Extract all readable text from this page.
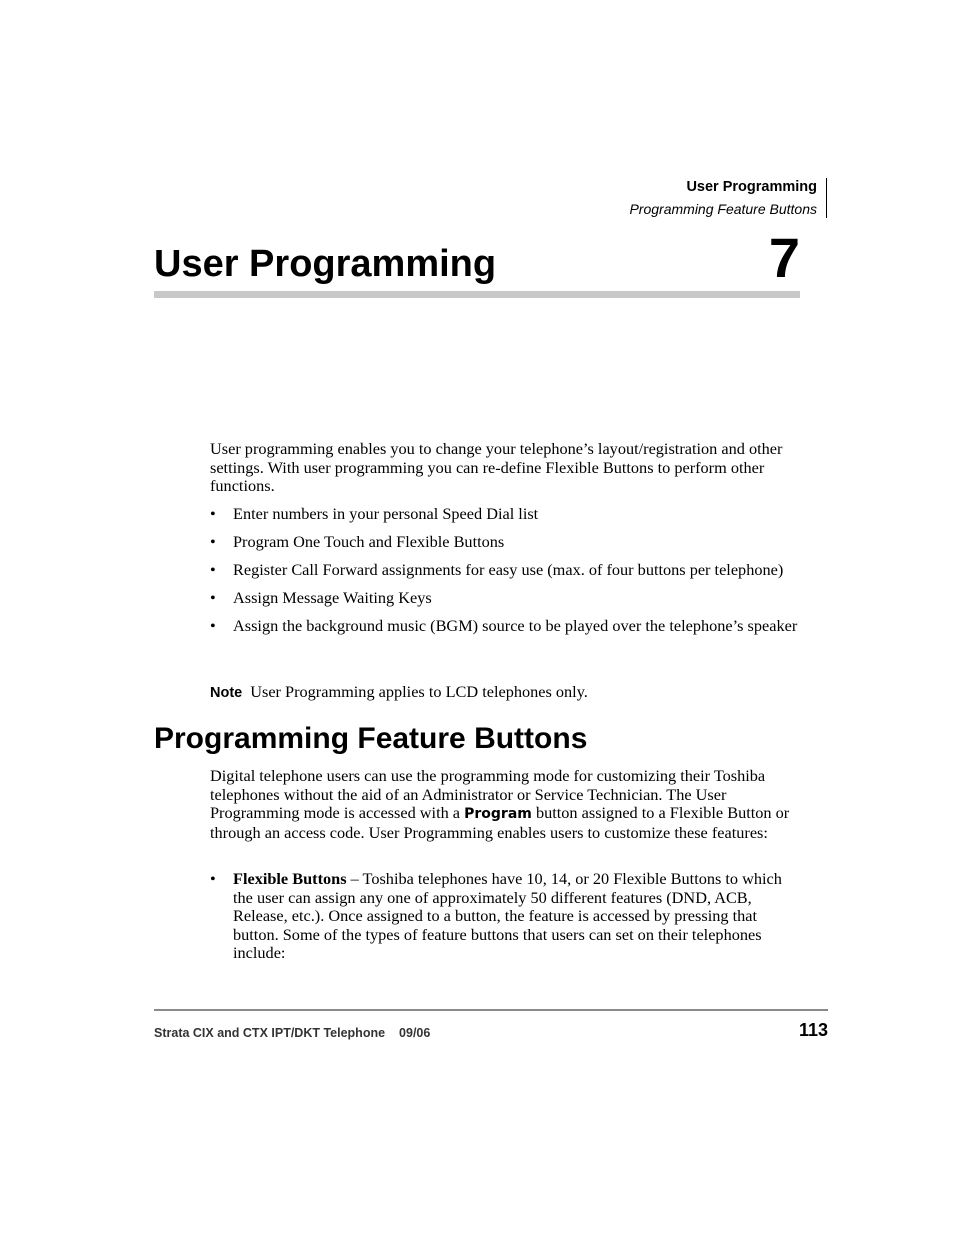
User Programming
Programming Feature Buttons
User Programming	7
User programming enables you to change your telephone’s layout/registration and other settings. With user programming you can re-define Flexible Buttons to perform other functions.
• Enter numbers in your personal Speed Dial list
• Program One Touch and Flexible Buttons
• Register Call Forward assignments for easy use (max. of four buttons per telephone)
• Assign Message Waiting Keys
• Assign the background music (BGM) source to be played over the telephone’s speaker
Note User Programming applies to LCD telephones only.
Programming Feature Buttons
Digital telephone users can use the programming mode for customizing their Toshiba telephones without the aid of an Administrator or Service Technician. The User Programming mode is accessed with a Program button assigned to a Flexible Button or through an access code. User Programming enables users to customize these features:
• Flexible Buttons – Toshiba telephones have 10, 14, or 20 Flexible Buttons to which the user can assign any one of approximately 50 different features (DND, ACB, Release, etc.). Once assigned to a button, the feature is accessed by pressing that button. Some of the types of feature buttons that users can set on their telephones include:
Strata CIX and CTX IPT/DKT Telephone 09/06	113
